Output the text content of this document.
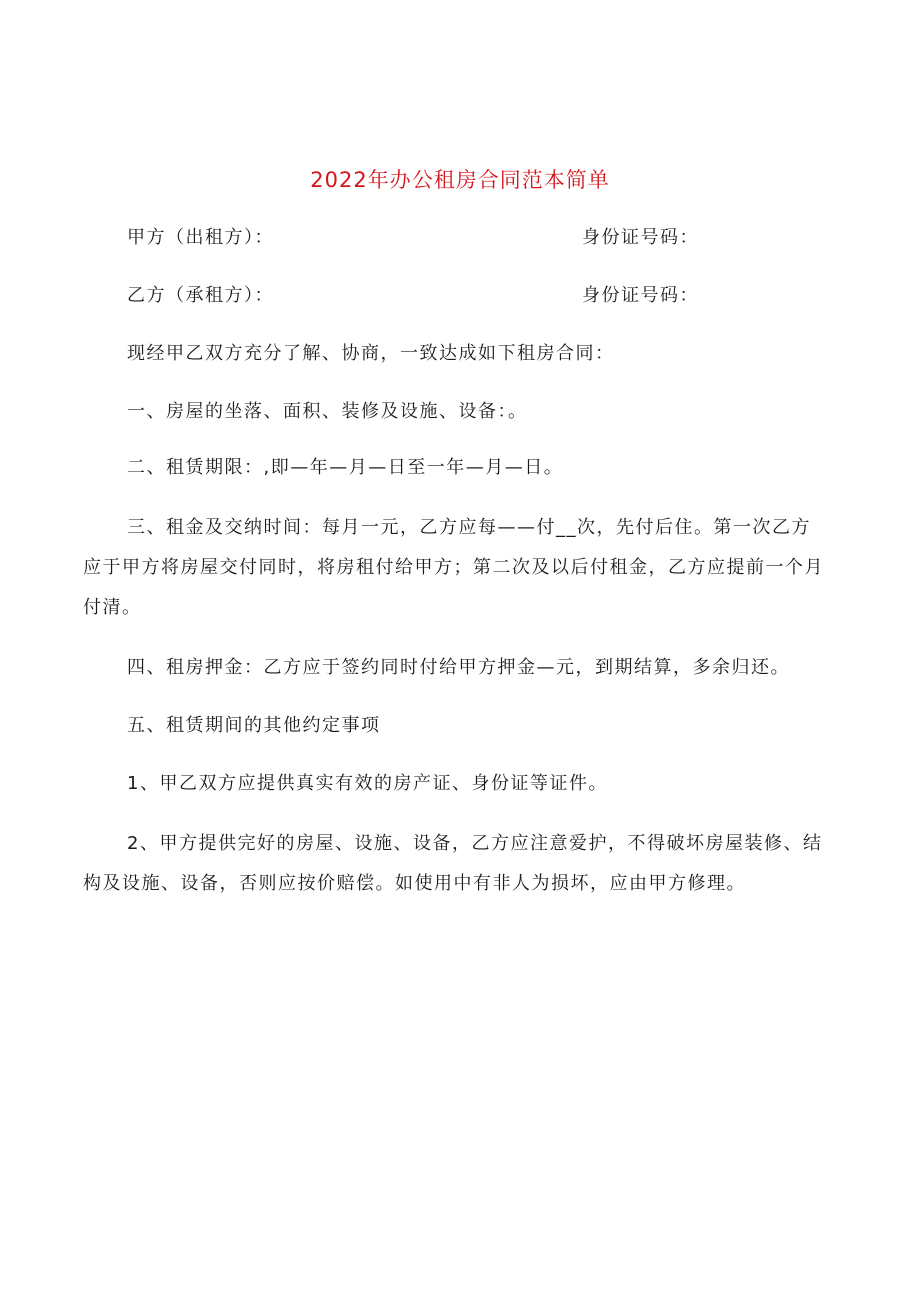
2022年办公租房合同范本简单
甲方（出租方）：	身份证号码：
乙方（承租方）：	身份证号码：
现经甲乙双方充分了解、协商，一致达成如下租房合同：
一、房屋的坐落、面积、装修及设施、设备：。
二、租赁期限：,即—年—月—日至一年—月—日。
三、租金及交纳时间：每月一元，乙方应每——付__次，先付后住。第一次乙方应于甲方将房屋交付同时，将房租付给甲方；第二次及以后付租金，乙方应提前一个月付清。
四、租房押金：乙方应于签约同时付给甲方押金—元，到期结算，多余归还。
五、租赁期间的其他约定事项
1、甲乙双方应提供真实有效的房产证、身份证等证件。
2、甲方提供完好的房屋、设施、设备，乙方应注意爱护，不得破坏房屋装修、结构及设施、设备，否则应按价赔偿。如使用中有非人为损坏，应由甲方修理。
